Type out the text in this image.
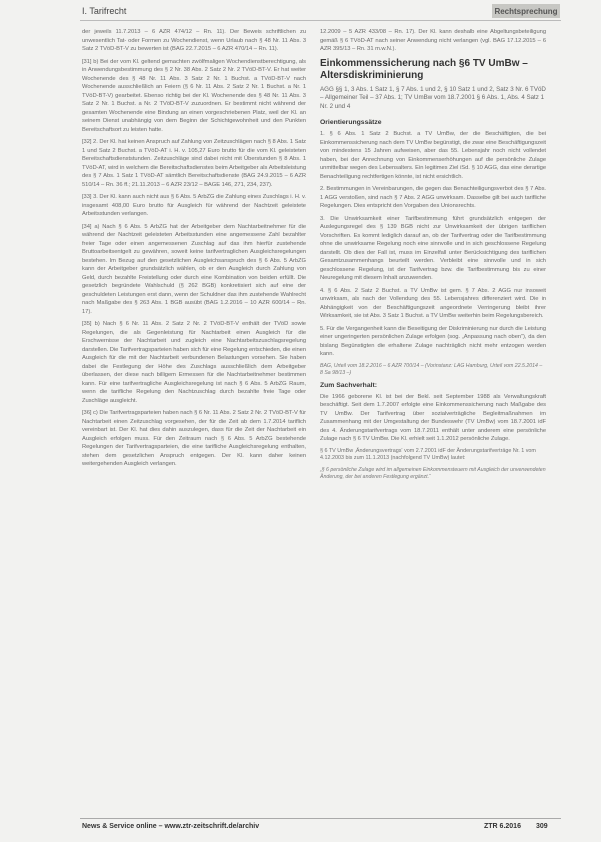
I. Tarifrecht	Rechtsprechung

der jeweils 11.7.2013 – 6 AZR 474/12 – Rn. 11). Der Beweis schriftlichen zu unwesentlich Tat- oder Formen zu Wochendienst, wenn Urlaub nach § 48 Nr. 11 Abs. 3 Satz 2 TVöD-BT-V zu bewerten ist (BAG 22.7.2015 – 6 AZR 470/14 – Rn. 11).

[31] b) Bei der vom Kl. geltend gemachten zwölfmaligen Wochendienstberechtigung, als in Anwendungsbestimmung des § 2 Nr. 38 Abs. 2 Satz 2 Nr. 2 TVöD-BT-V. Er hat weiter Wochenende des § 48 Nr. 11 Abs. 3 Satz 2 Nr. 1 Buchst. a TVöD-BT-V nach Wochenende ausschließlich an Feiern (§ 6 Nr. 11 Abs. 2 Satz 2 Nr. 1 Buchst. a Nr. 1 TVöD-BT-V) gearbeitet. Ebenso richtig bei der Kl. Wochenende des § 48 Nr. 11 Abs. 3 Satz 2 Nr. 1 Buchst. a Nr. 2 TVöD-BT-V zuzuordnen. Er bestimmt nicht während der gesamten Wochenende eine Bindung an einen vorgeschriebenen Platz, weil der Kl. an seinem Dienst unabhängig von dem Beginn der Schichtgewohnheit und den Punkten Bereitschaftsort zu leisten hatte.

[32] 2. Der Kl. hat keinen Anspruch auf Zahlung von Zeitzuschlägen nach § 8 Abs. 1 Satz 1 und Satz 2 Buchst. a TVöD-AT i. H. v. 105,27 Euro brutto für die vom Kl. geleisteten Bereitschaftsdienststunden. Zeitzuschläge sind dabei nicht mit Überstunden § 8 Abs. 1 TVöD-AT, wird in welchem die Bereitschaftsdienstes beim Arbeitgeber als Arbeitsleistung des § 7 Abs. 1 Satz 1 TVöD-AT sämtlich Bereitschaftsdienste (BAG 24.9.2015 – 6 AZR 510/14 – Rn. 36 ff.; 21.11.2013 – 6 AZR 23/12 – BAGE 146, 271, 234, 237).

[33] 3. Der Kl. kann auch nicht aus § 6 Abs. 5 ArbZG die Zahlung eines Zuschlags i. H. v. insgesamt 408,00 Euro brutto für Ausgleich für während der Nachtzeit geleistete Arbeitsstunden verlangen.

[34] a) Nach § 6 Abs. 5 ArbZG hat der Arbeitgeber dem Nachtarbeitnehmer für die während der Nachtzeit geleisteten Arbeitsstunden eine angemessene Zahl bezahlter freier Tage oder einen angemessenen Zuschlag auf das ihm hierfür zustehende Bruttoarbeitsentgelt zu gewähren, soweit keine tarifvertraglichen Ausgleichsregelungen bestehen. Im Bezug auf den gesetzlichen Ausgleichsanspruch des § 6 Abs. 5 ArbZG kann der Arbeitgeber grundsätzlich wählen, ob er den Ausgleich durch Zahlung von Geld, durch bezahlte Freistellung oder durch eine Kombination von beiden erfüllt. Die gesetzlich begründete Wahlschuld (§ 262 BGB) konkretisiert sich auf eine der geschuldeten Leistungen erst dann, wenn der Schuldner das ihm zustehende Wahlrecht nach Maßgabe des § 263 Abs. 1 BGB ausübt (BAG 1.2.2016 – 10 AZR 600/14 – Rn. 17).

[35] b) Nach § 6 Nr. 11 Abs. 2 Satz 2 Nr. 2 TVöD-BT-V enthält der TVöD sowie Regelungen, die als Gegenleistung für Nachtarbeit einen Ausgleich für die Erschwernisse der Nachtarbeit und zugleich eine Nachtarbeitszuschlagsregelung darstellen. Die Tarifvertragsparteien haben sich für eine Regelung entschieden, die einen Ausgleich für die mit der Nachtarbeit verbundenen Belastungen vorsehen. Sie haben dabei die Festlegung der Höhe des Zuschlags ausschließlich dem Arbeitgeber überlassen, der diese nach billigem Ermessen für die Nachtarbeitnehmer bestimmen kann. Für eine tarifvertragliche Ausgleichsregelung ist nach § 6 Abs. 5 ArbZG Raum, wenn die tarifliche Regelung den Nachtzuschlag durch bezahlte freie Tage oder Zuschläge ausgleicht.

[36] c) Die Tarifvertragsparteien haben nach § 6 Nr. 11 Abs. 2 Satz 2 Nr. 2 TVöD-BT-V für Nachtarbeit einen Zeitzuschlag vorgesehen, der für die Zeit ab dem 1.7.2014 tariflich vereinbart ist. Der Kl. hat dies dahin auszulegen, dass für die Zeit der Nachtarbeit ein Ausgleich erfolgen muss. Für den Zeitraum nach § 6 Abs. 5 ArbZG bestehende Regelungen der Tarifvertragsparteien, die eine tarifliche Ausgleichsregelung enthalten, stehen dem gesetzlichen Anspruch entgegen. Der Kl. kann daher keinen weitergehenden Ausgleich verlangen.

12.2009 – 5 AZR 433/08 – Rn. 17). Der Kl. kann deshalb eine Abgeltungsbeteiligung gemäß § 6 TVöD-AT nach seiner Anwendung nicht verlangen (vgl. BAG 17.12.2015 – 6 AZR 395/13 – Rn. 31 m.w.N.).

Einkommenssicherung nach §6 TV UmBw – Altersdiskriminierung

AGG §§ 1, 3 Abs. 1 Satz 1, § 7 Abs. 1 und 2, § 10 Satz 1 und 2, Satz 3 Nr. 6 TVöD – Allgemeiner Teil – 37 Abs. 1; TV UmBw vom 18.7.2001 § 6 Abs. 1, Abs. 4 Satz 1 Nr. 2 und 4

Orientierungssätze

1. § 6 Abs. 1 Satz 2 Buchst. a TV UmBw, der die Beschäftigten, die bei Einkommenssicherung nach dem TV UmBw begünstigt, die zwar eine Beschäftigungszeit von mindestens 15 Jahren aufweisen, aber das 55. Lebensjahr noch nicht vollendet haben, bei der Anrechnung von Einkommenserhöhungen auf die persönliche Zulage unmittelbar wegen des Lebensalters. Ein legitimes Ziel iSd. § 10 AGG, das eine derartige Benachteiligung rechtfertigen könnte, ist nicht ersichtlich.

2. Bestimmungen in Vereinbarungen, die gegen das Benachteiligungsverbot des § 7 Abs. 1 AGG verstoßen, sind nach § 7 Abs. 2 AGG unwirksam. Dasselbe gilt bei auch tarifliche Regelungen. Dies entspricht den Vorgaben des Unionsrechts.

3. Die Unwirksamkeit einer Tarifbestimmung führt grundsätzlich entgegen der Auslegungsregel des § 139 BGB nicht zur Unwirksamkeit der übrigen tariflichen Vorschriften. Es kommt lediglich darauf an, ob der Tarifvertrag oder die Tarifbestimmung ohne die unwirksame Regelung noch eine sinnvolle und in sich geschlossene Regelung darstellt. Ob dies der Fall ist, muss im Einzelfall unter Berücksichtigung des tariflichen Gesamtzusammenhangs beurteilt werden. Verbleibt eine sinnvolle und in sich geschlossene Regelung, ist der Tarifvertrag bzw. die Tarifbestimmung bis zu einer Neuregelung mit diesem Inhalt anzuwenden.

4. § 6 Abs. 2 Satz 2 Buchst. a TV UmBw ist gem. § 7 Abs. 2 AGG nur insoweit unwirksam, als nach der Vollendung des 55. Lebensjahres differenziert wird. Die in Abhängigkeit von der Beschäftigungszeit angeordnete Verringerung bleibt ihrer Wirksamkeit, sie ist Abs. 3 Satz 1 Buchst. a TV UmBw weiterhin beim Regelungsbereich.

5. Für die Vergangenheit kann die Beseitigung der Diskriminierung nur durch die Leistung einer ungeringerten persönlichen Zulage erfolgen (sog. „Anpassung nach oben“), da den bislang Begünstigten die erhaltene Zulage nachträglich nicht mehr entzogen werden kann.

BAG, Urteil vom 18.2.2016 – 6 AZR 700/14 – (Vorinstanz: LAG Hamburg, Urteil vom 22.5.2014 – 8 Sa 98/13 –)

Zum Sachverhalt:

Die 1966 geborene Kl. ist bei der Bekl. seit September 1988 als Verwaltungskraft beschäftigt. Seit dem 1.7.2007 erfolgte eine Einkommenssicherung nach Maßgabe des TV UmBw. Der Tarifvertrag über sozialverträgliche Begleitmaßnahmen im Zusammenhang mit der Umgestaltung der Bundeswehr (TV UmBw) vom 18.7.2001 idF des 4. Änderungstarifvertrags vom 18.7.2011 enthält unter anderem eine persönliche Zulage nach § 6 TV UmBw. Die Kl. erhielt seit 1.1.2012 persönliche Zulage.

§ 6 TV UmBw ‚Änderungsvertrags‘ vom 2.7.2001 idF der Änderungstarifverträge Nr. 1 vom 4.12.2003 bis zum 11.1.2013 (nachfolgend TV UmBw) lautet:

„§ 6 persönliche Zulage wird im allgemeinen Einkommensteuern mit Ausgleich der unverwendeten Änderung, der bei anderen Festlegung ergänzt.“

News & Service online – www.ztr-zeitschrift.de/archiv	ZTR 6.2016 309
